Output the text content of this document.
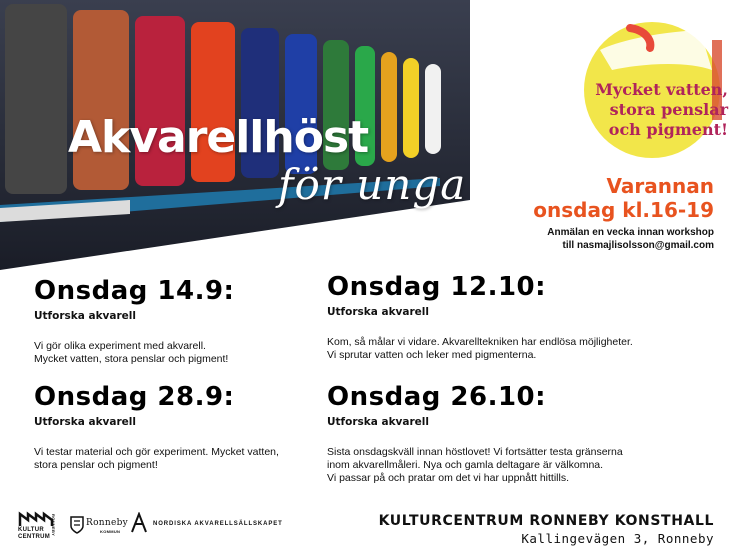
Akvarellhöst
för unga
Mycket vatten,
stora penslar
och pigment!
Varannan
onsdag kl.16-19
Anmälan en vecka innan workshop
till nasmajlisolsson@gmail.com
Onsdag 14.9:
Utforska akvarell
Vi gör olika experiment med akvarell.
Mycket vatten, stora penslar och pigment!
Onsdag 12.10:
Utforska akvarell
Kom, så målar vi vidare. Akvarelltekniken har endlösa möjligheter.
Vi sprutar vatten och leker med pigmenterna.
Onsdag 28.9:
Utforska akvarell
Vi testar material och gör experiment. Mycket vatten,
stora penslar och pigment!
Onsdag 26.10:
Utforska akvarell
Sista onsdagskväll innan höstlovet! Vi fortsätter testa gränserna
inom akvarellmåleri. Nya och gamla deltagare är välkomna.
Vi passar på och pratar om det vi har uppnått hittills.
KULTUR
CENTRUM
RONNEBY	Ronneby
KOMMUN
NORDISKA AKVARELLSÄLLSKAPET	KULTURCENTRUM RONNEBY KONSTHALL
Kallingevägen 3, Ronneby
